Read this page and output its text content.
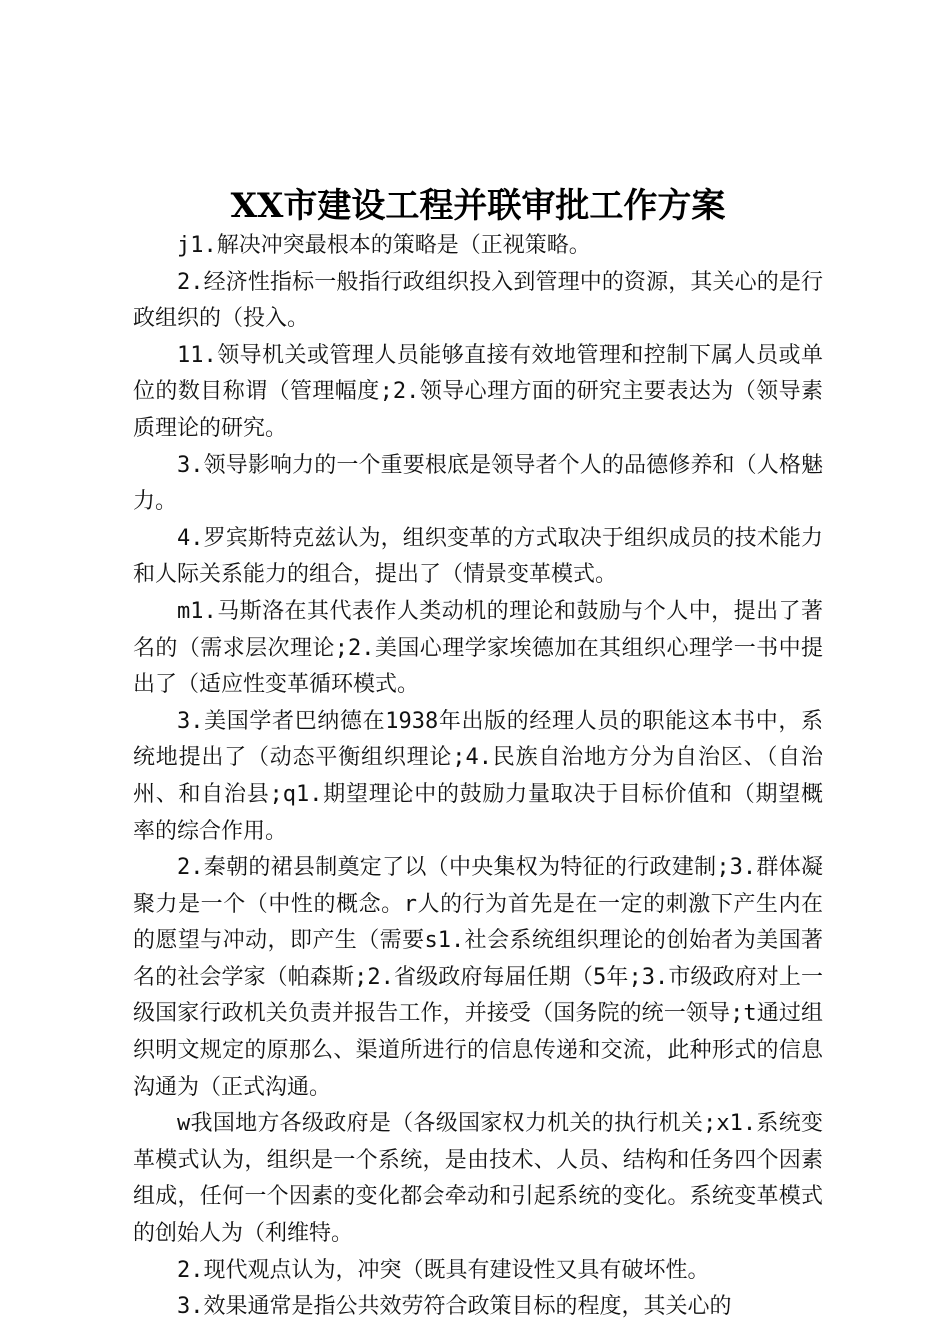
XX市建设工程并联审批工作方案

j1.解决冲突最根本的策略是（正视策略。

2.经济性指标一般指行政组织投入到管理中的资源，其关心的是行政组织的（投入。

11.领导机关或管理人员能够直接有效地管理和控制下属人员或单位的数目称谓（管理幅度;2.领导心理方面的研究主要表达为（领导素质理论的研究。

3.领导影响力的一个重要根底是领导者个人的品德修养和（人格魅力。

4.罗宾斯特克兹认为，组织变革的方式取决于组织成员的技术能力和人际关系能力的组合，提出了（情景变革模式。

m1.马斯洛在其代表作人类动机的理论和鼓励与个人中，提出了著名的（需求层次理论;2.美国心理学家埃德加在其组织心理学一书中提出了（适应性变革循环模式。

3.美国学者巴纳德在1938年出版的经理人员的职能这本书中，系统地提出了（动态平衡组织理论;4.民族自治地方分为自治区、（自治州、和自治县;q1.期望理论中的鼓励力量取决于目标价值和（期望概率的综合作用。

2.秦朝的裙县制奠定了以（中央集权为特征的行政建制;3.群体凝聚力是一个（中性的概念。r人的行为首先是在一定的刺激下产生内在的愿望与冲动，即产生（需要s1.社会系统组织理论的创始者为美国著名的社会学家（帕森斯;2.省级政府每届任期（5年;3.市级政府对上一级国家行政机关负责并报告工作，并接受（国务院的统一领导;t通过组织明文规定的原那么、渠道所进行的信息传递和交流，此种形式的信息沟通为（正式沟通。

w我国地方各级政府是（各级国家权力机关的执行机关;x1.系统变革模式认为，组织是一个系统，是由技术、人员、结构和任务四个因素组成，任何一个因素的变化都会牵动和引起系统的变化。系统变革模式的创始人为（利维特。

2.现代观点认为，冲突（既具有建设性又具有破坏性。

3.效果通常是指公共效劳符合政策目标的程度，其关心的
